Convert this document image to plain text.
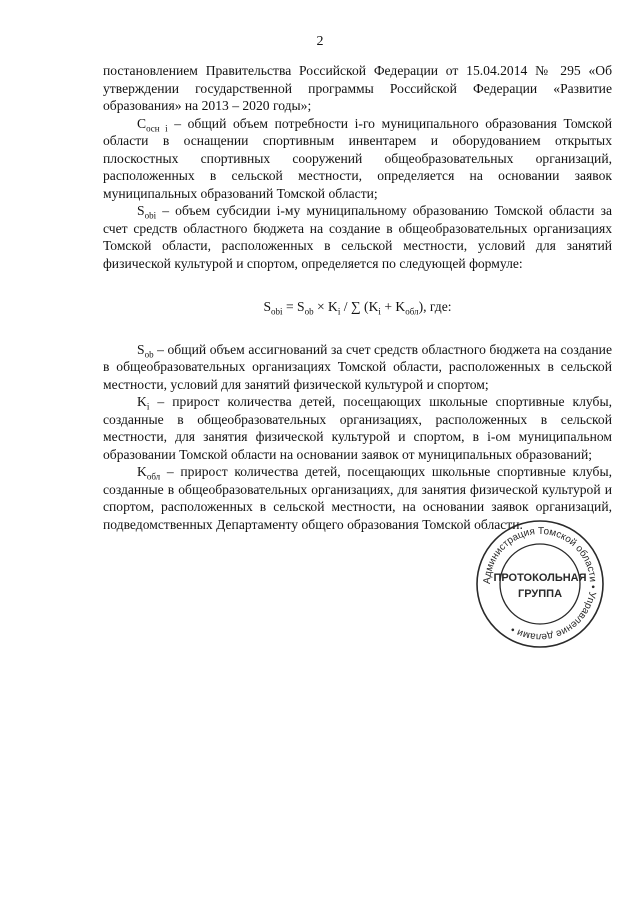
2

постановлением Правительства Российской Федерации от 15.04.2014 № 295 «Об утверждении государственной программы Российской Федерации «Развитие образования» на 2013 – 2020 годы»;

$С_{осн i}$ – общий объем потребности i-го муниципального образования Томской области в оснащении спортивным инвентарем и оборудованием открытых плоскостных спортивных сооружений общеобразовательных организаций, расположенных в сельской местности, определяется на основании заявок муниципальных образований Томской области;

$S_{obi}$ – объем субсидии i-му муниципальному образованию Томской области за счет средств областного бюджета на создание в общеобразовательных организациях Томской области, расположенных в сельской местности, условий для занятий физической культурой и спортом, определяется по следующей формуле:

$S_{obi} = S_{ob} \times K_i$ / ∑ $(K_i + K_{обл})$, где:

$S_{ob}$ – общий объем ассигнований за счет средств областного бюджета на создание в общеобразовательных организациях Томской области, расположенных в сельской местности, условий для занятий физической культурой и спортом;

$K_i$ – прирост количества детей, посещающих школьные спортивные клубы, созданные в общеобразовательных организациях, расположенных в сельской местности, для занятия физической культурой и спортом, в i-ом муниципальном образовании Томской области на основании заявок от муниципальных образований;

$K_{обл}$ – прирост количества детей, посещающих школьные спортивные клубы, созданные в общеобразовательных организациях, для занятия физической культурой и спортом, расположенных в сельской местности, на основании заявок организаций, подведомственных Департаменту общего образования Томской области.

Администрация Томской области • Управление делами •
ПРОТОКОЛЬНАЯ
ГРУППА
